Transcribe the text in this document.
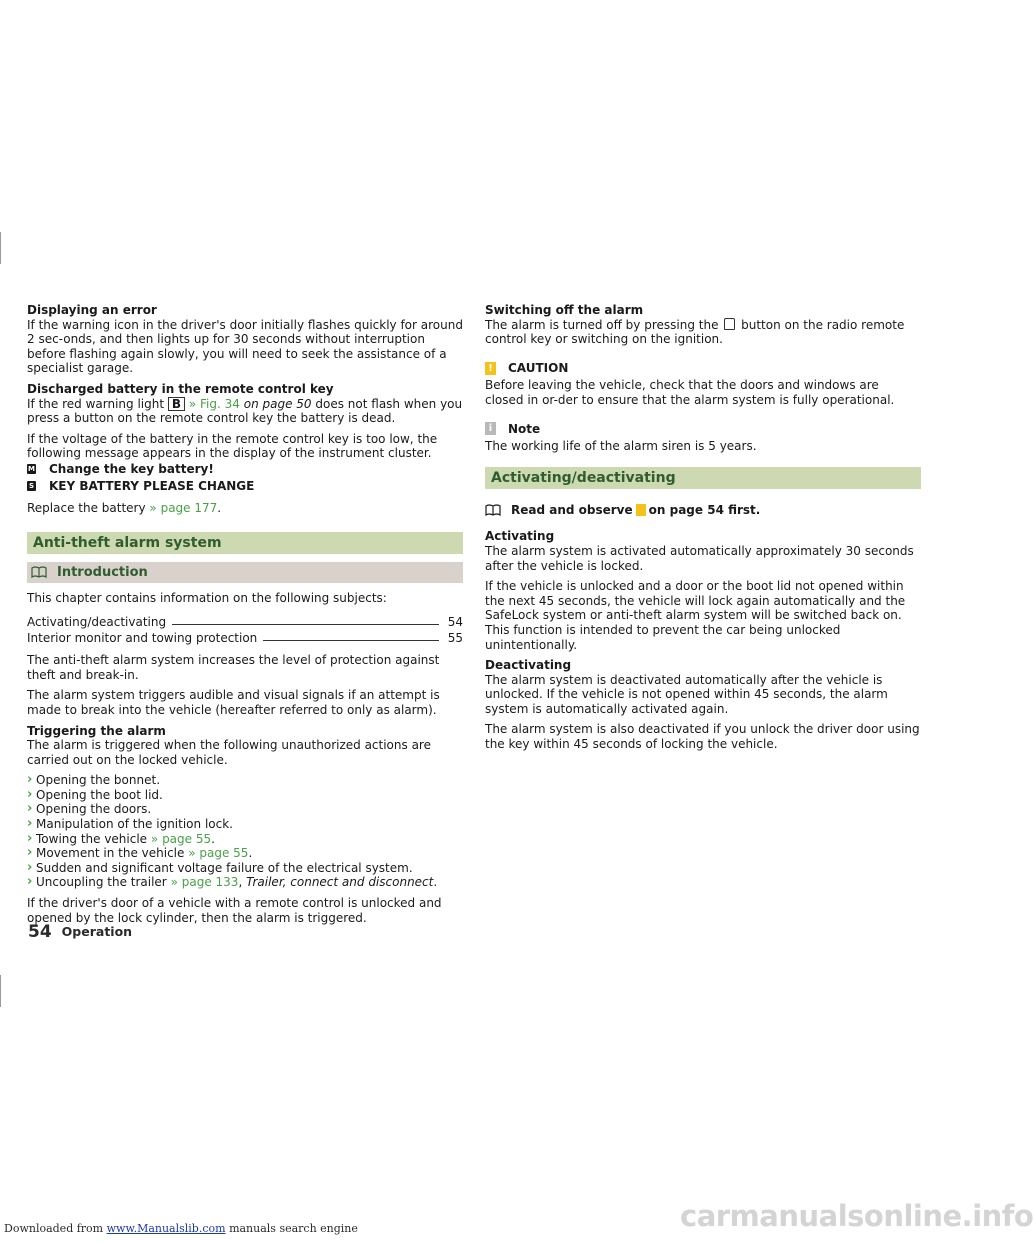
Displaying an error
If the warning icon in the driver's door initially flashes quickly for around 2 sec-onds, and then lights up for 30 seconds without interruption before flashing again slowly, you will need to seek the assistance of a specialist garage.
Discharged battery in the remote control key
If the red warning light B » Fig. 34 on page 50 does not flash when you press a button on the remote control key the battery is dead.
If the voltage of the battery in the remote control key is too low, the following message appears in the display of the instrument cluster.
M Change the key battery!
S KEY BATTERY PLEASE CHANGE
Replace the battery » page 177.
Anti-theft alarm system
Introduction

This chapter contains information on the following subjects:

Activating/deactivating	54
Interior monitor and towing protection	55

The anti-theft alarm system increases the level of protection against theft and break-in.

The alarm system triggers audible and visual signals if an attempt is made to break into the vehicle (hereafter referred to only as alarm).

Triggering the alarm
The alarm is triggered when the following unauthorized actions are carried out on the locked vehicle.
› Opening the bonnet.
› Opening the boot lid.
› Opening the doors.
› Manipulation of the ignition lock.
› Towing the vehicle » page 55.
› Movement in the vehicle » page 55.
› Sudden and significant voltage failure of the electrical system.
› Uncoupling the trailer » page 133, Trailer, connect and disconnect.

If the driver's door of a vehicle with a remote control is unlocked and opened by the lock cylinder, then the alarm is triggered.

Switching off the alarm
The alarm is turned off by pressing the button on the radio remote control key or switching on the ignition.
! CAUTION
Before leaving the vehicle, check that the doors and windows are closed in or-der to ensure that the alarm system is fully operational.
i	Note
The working life of the alarm siren is 5 years.
Activating/deactivating
Read and observe on page 54 first.
Activating
The alarm system is activated automatically approximately 30 seconds after the vehicle is locked.

If the vehicle is unlocked and a door or the boot lid not opened within the next 45 seconds, the vehicle will lock again automatically and the SafeLock system or anti-theft alarm system will be switched back on. This function is intended to prevent the car being unlocked unintentionally.

Deactivating
The alarm system is deactivated automatically after the vehicle is unlocked. If the vehicle is not opened within 45 seconds, the alarm system is automatically activated again.

The alarm system is also deactivated if you unlock the driver door using the key within 45 seconds of locking the vehicle.

54 Operation
Downloaded from www.Manualslib.com manuals search engine	carmanualsonline.info
